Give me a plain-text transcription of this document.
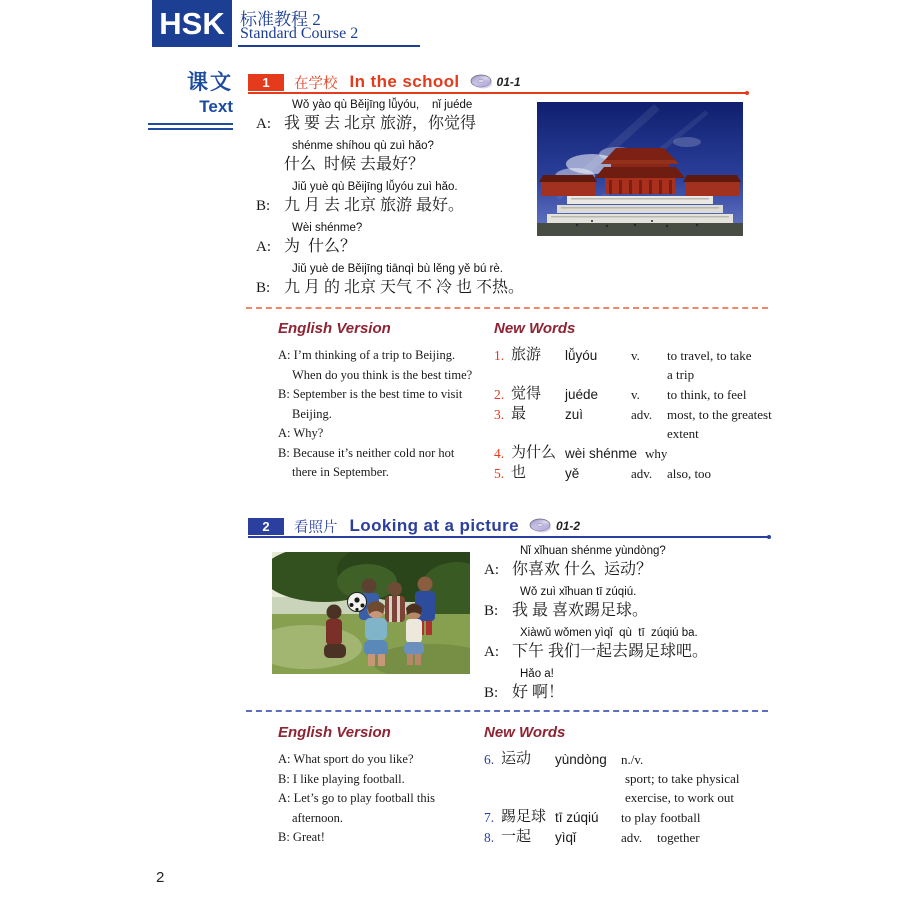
HSK 标准教程 2
Standard Course 2
课文
Text
1	在学校 In the school	01-1
Wǒ yào qù Běijīng lǚyóu,    nǐ juéde
A: 我 要 去 北京 旅游，你觉得
shénme shíhou qù zuì hǎo?
什么  时候 去最好？
Jiǔ yuè qù Běijīng lǚyóu zuì hǎo.
B: 九 月 去 北京 旅游 最好。
Wèi shénme?
A: 为  什么？
Jiǔ yuè de Běijīng tiānqì bù lěng yě bú rè.
B: 九 月 的 北京 天气 不 冷 也 不热。
English Version
A: I’m thinking of a trip to Beijing.
When do you think is the best time?
B: September is the best time to visit
Beijing.
A: Why?
B: Because it’s neither cold nor hot
there in September.
New Words
1. 旅游	lǚyóu	v.	to travel, to take
a trip
2. 觉得	juéde	v.	to think, to feel
3. 最	zuì	adv.	most, to the greatest
extent
4. 为什么 wèi shénme why
5. 也	yě	adv.	also, too
2	看照片 Looking at a picture	01-2
Nǐ xǐhuan shénme yùndòng?
A: 你喜欢 什么  运动？
Wǒ zuì xǐhuan tī zúqiú.
B: 我 最 喜欢踢足球。
Xiàwǔ wǒmen yìqǐ  qù  tī  zúqiú ba.
A: 下午 我们一起去踢足球吧。
Hǎo a!
B: 好 啊！
English Version
A: What sport do you like?
B: I like playing football.
A: Let’s go to play football this
afternoon.
B: Great!
New Words
6. 运动	yùndòng	n./v.
sport; to take physical
exercise, to work out
7. 踢足球 tī zúqiú	to play football
8. 一起	yìqǐ	adv.	together
2
